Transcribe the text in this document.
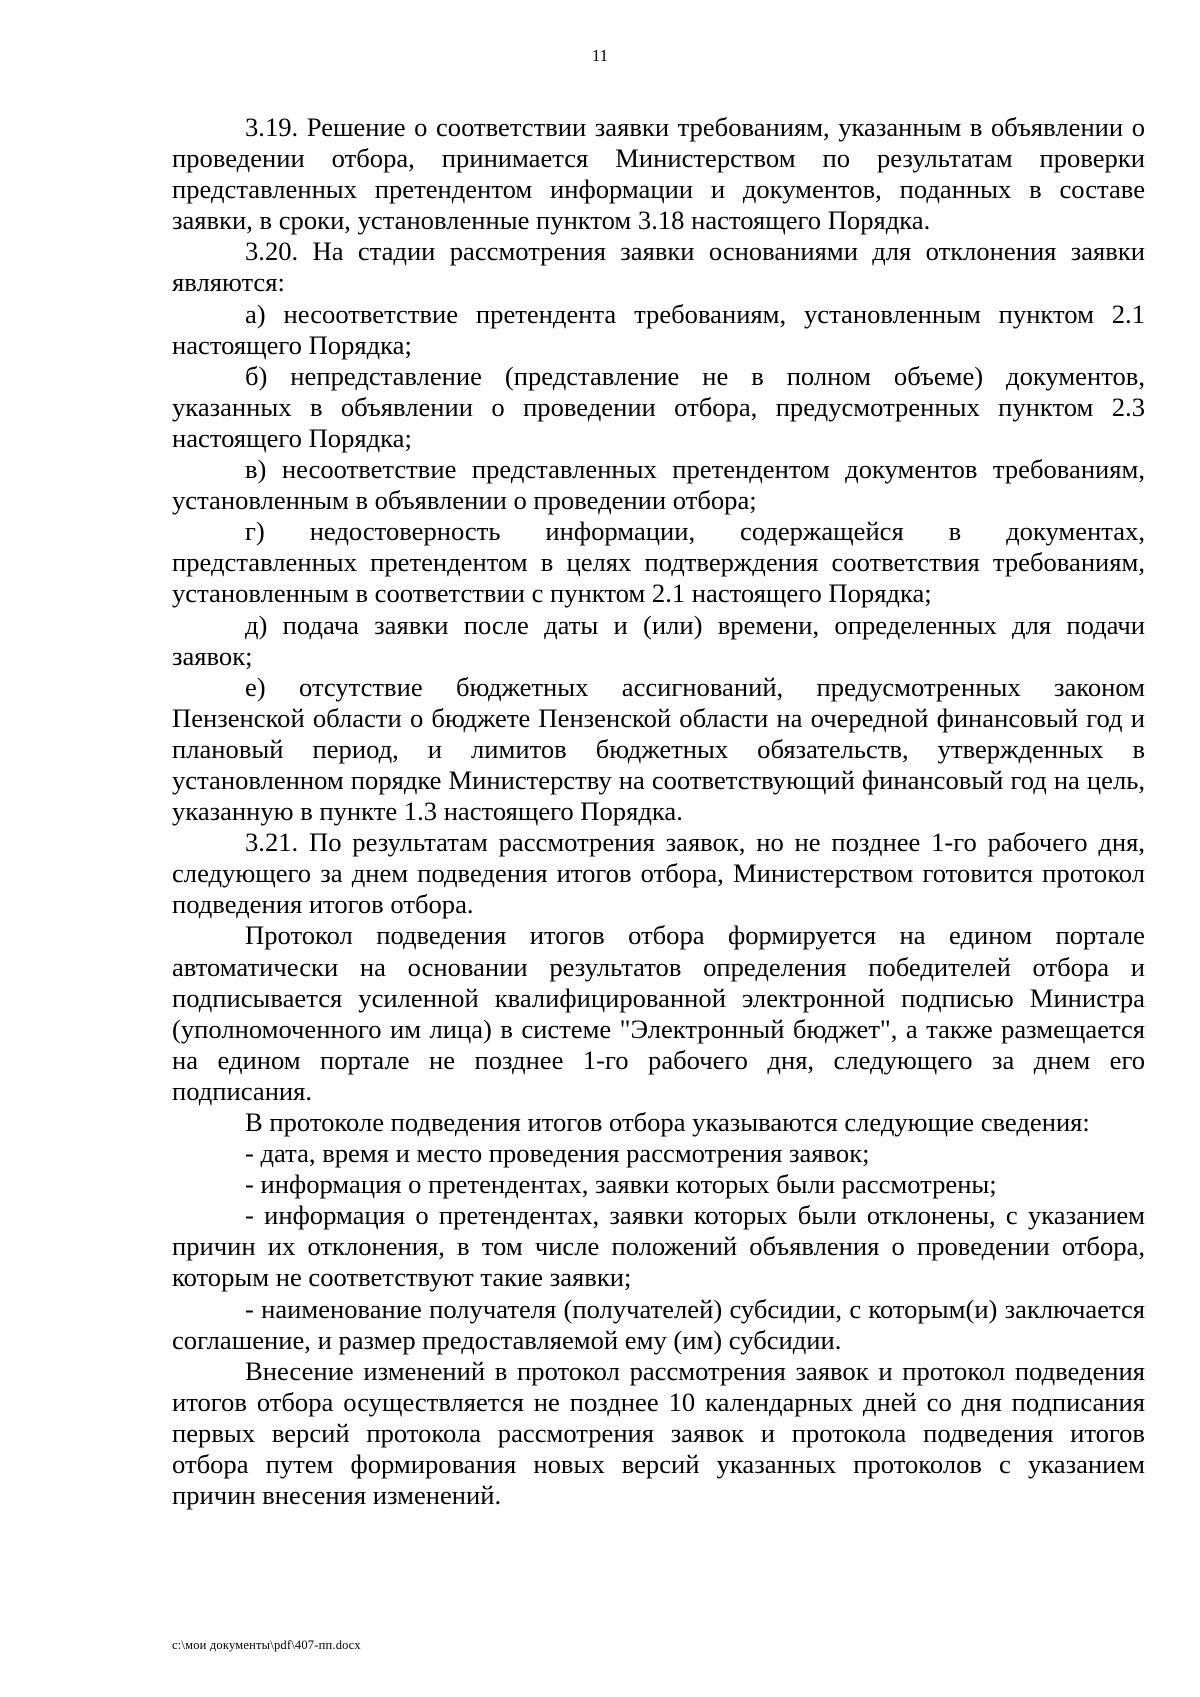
11

3.19. Решение о соответствии заявки требованиям, указанным в объявлении о проведении отбора, принимается Министерством по результатам проверки представленных претендентом информации и документов, поданных в составе заявки, в сроки, установленные пунктом 3.18 настоящего Порядка.

3.20. На стадии рассмотрения заявки основаниями для отклонения заявки являются:

а) несоответствие претендента требованиям, установленным пунктом 2.1 настоящего Порядка;

б) непредставление (представление не в полном объеме) документов, указанных в объявлении о проведении отбора, предусмотренных пунктом 2.3 настоящего Порядка;

в) несоответствие представленных претендентом документов требованиям, установленным в объявлении о проведении отбора;

г) недостоверность информации, содержащейся в документах, представленных претендентом в целях подтверждения соответствия требованиям, установленным в соответствии с пунктом 2.1 настоящего Порядка;

д) подача заявки после даты и (или) времени, определенных для подачи заявок;

е) отсутствие бюджетных ассигнований, предусмотренных законом Пензенской области о бюджете Пензенской области на очередной финансовый год и плановый период, и лимитов бюджетных обязательств, утвержденных в установленном порядке Министерству на соответствующий финансовый год на цель, указанную в пункте 1.3 настоящего Порядка.

3.21. По результатам рассмотрения заявок, но не позднее 1-го рабочего дня, следующего за днем подведения итогов отбора, Министерством готовится протокол подведения итогов отбора.

Протокол подведения итогов отбора формируется на едином портале автоматически на основании результатов определения победителей отбора и подписывается усиленной квалифицированной электронной подписью Министра (уполномоченного им лица) в системе "Электронный бюджет", а также размещается на едином портале не позднее 1-го рабочего дня, следующего за днем его подписания.

В протоколе подведения итогов отбора указываются следующие сведения:

- дата, время и место проведения рассмотрения заявок;

- информация о претендентах, заявки которых были рассмотрены;

- информация о претендентах, заявки которых были отклонены, с указанием причин их отклонения, в том числе положений объявления о проведении отбора, которым не соответствуют такие заявки;

- наименование получателя (получателей) субсидии, с которым(и) заключается соглашение, и размер предоставляемой ему (им) субсидии.

Внесение изменений в протокол рассмотрения заявок и протокол подведения итогов отбора осуществляется не позднее 10 календарных дней со дня подписания первых версий протокола рассмотрения заявок и протокола подведения итогов отбора путем формирования новых версий указанных протоколов с указанием причин внесения изменений.

c:\мои документы\pdf\407-пп.docx
